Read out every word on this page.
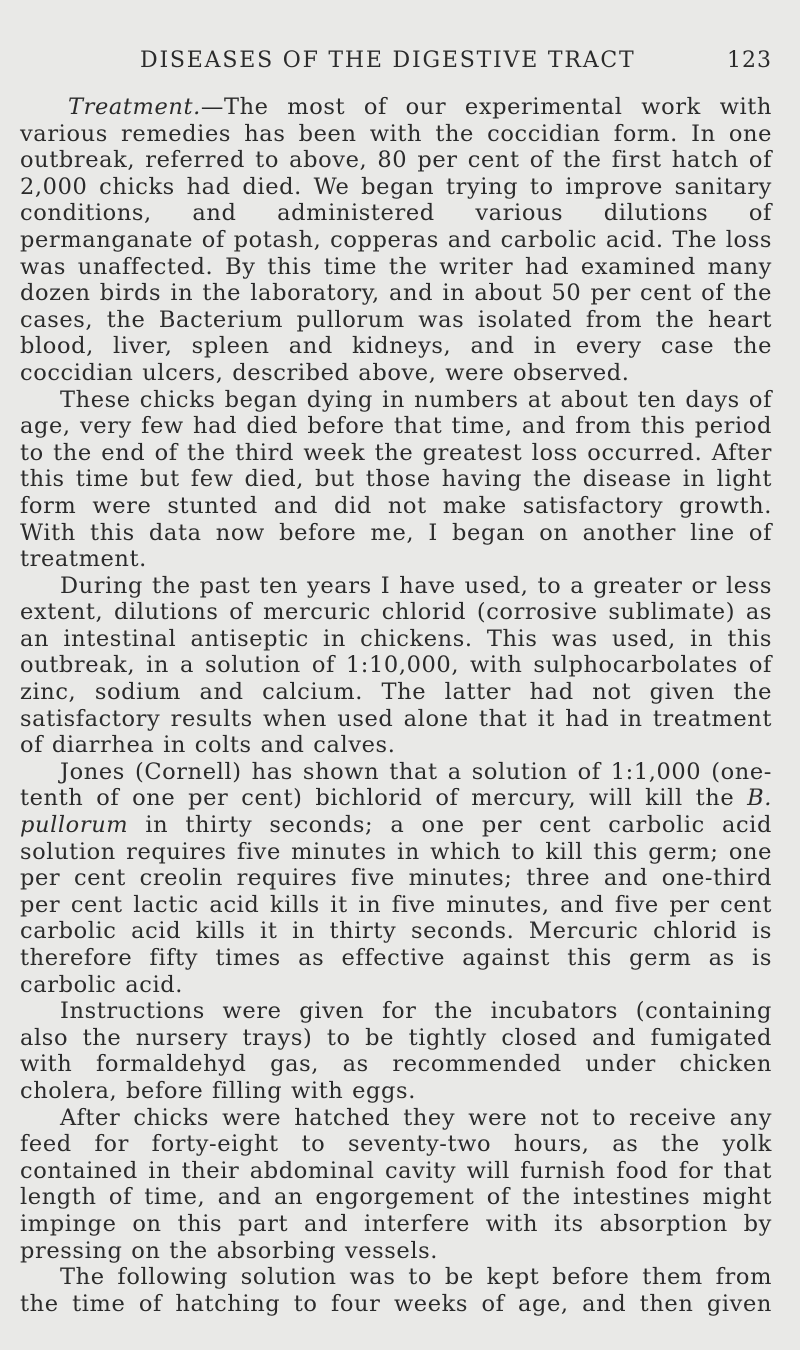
DISEASES OF THE DIGESTIVE TRACT	123

Treatment.—The most of our experimental work with various remedies has been with the coccidian form. In one outbreak, referred to above, 80 per cent of the first hatch of 2,000 chicks had died. We began trying to improve sanitary conditions, and administered various dilutions of permanganate of potash, copperas and carbolic acid. The loss was unaffected. By this time the writer had examined many dozen birds in the laboratory, and in about 50 per cent of the cases, the Bacterium pullorum was isolated from the heart blood, liver, spleen and kidneys, and in every case the coccidian ulcers, described above, were observed.

These chicks began dying in numbers at about ten days of age, very few had died before that time, and from this period to the end of the third week the greatest loss occurred. After this time but few died, but those having the disease in light form were stunted and did not make satisfactory growth. With this data now before me, I began on another line of treatment.

During the past ten years I have used, to a greater or less extent, dilutions of mercuric chlorid (corrosive sublimate) as an intestinal antiseptic in chickens. This was used, in this outbreak, in a solution of 1:10,000, with sulphocarbolates of zinc, sodium and calcium. The latter had not given the satisfactory results when used alone that it had in treatment of diarrhea in colts and calves.

Jones (Cornell) has shown that a solution of 1:1,000 (one-tenth of one per cent) bichlorid of mercury, will kill the B. pullorum in thirty seconds; a one per cent carbolic acid solution requires five minutes in which to kill this germ; one per cent creolin requires five minutes; three and one-third per cent lactic acid kills it in five minutes, and five per cent carbolic acid kills it in thirty seconds. Mercuric chlorid is therefore fifty times as effective against this germ as is carbolic acid.

Instructions were given for the incubators (containing also the nursery trays) to be tightly closed and fumigated with formaldehyd gas, as recommended under chicken cholera, before filling with eggs.

After chicks were hatched they were not to receive any feed for forty-eight to seventy-two hours, as the yolk contained in their abdominal cavity will furnish food for that length of time, and an engorgement of the intestines might impinge on this part and interfere with its absorption by pressing on the absorbing vessels.

The following solution was to be kept before them from the time of hatching to four weeks of age, and then given
